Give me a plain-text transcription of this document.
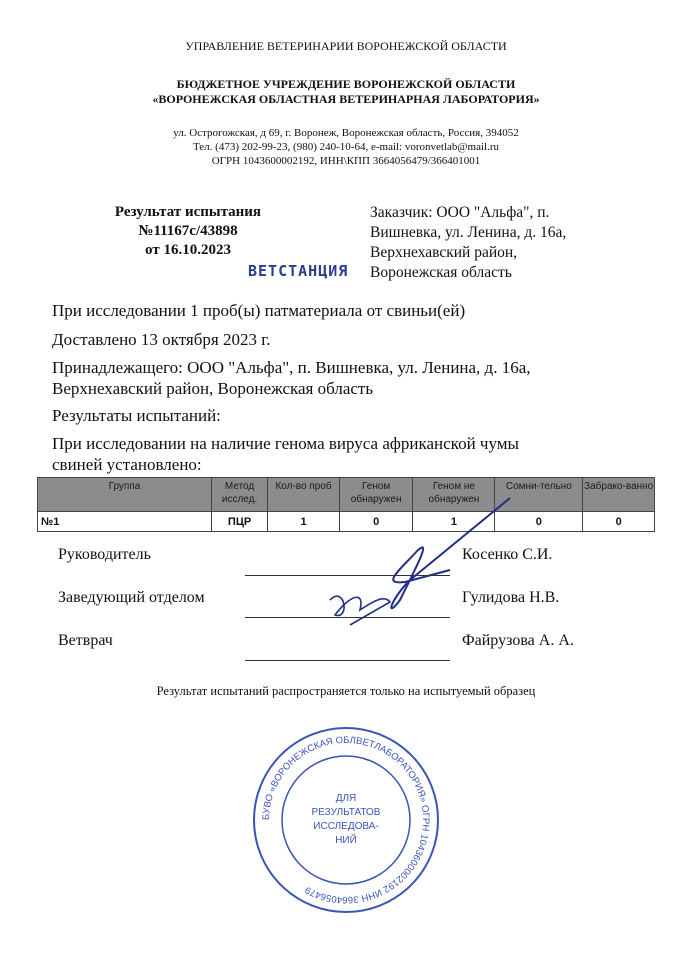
УПРАВЛЕНИЕ ВЕТЕРИНАРИИ ВОРОНЕЖСКОЙ ОБЛАСТИ
БЮДЖЕТНОЕ УЧРЕЖДЕНИЕ ВОРОНЕЖСКОЙ ОБЛАСТИ
«ВОРОНЕЖСКАЯ ОБЛАСТНАЯ ВЕТЕРИНАРНАЯ ЛАБОРАТОРИЯ»
ул. Острогожская, д 69, г. Воронеж, Воронежская область, Россия, 394052
Тел. (473) 202-99-23, (980) 240-10-64, e-mail: voronvetlab@mail.ru
ОГРН 1043600002192, ИНН\КПП 3664056479/366401001
Результат испытания
№11167с/43898
от 16.10.2023
ВЕТСТАНЦИЯ
Заказчик: ООО "Альфа", п.
Вишневка, ул. Ленина, д. 16а,
Верхнехавский район,
Воронежская область
При исследовании 1 проб(ы) патматериала от свиньи(ей)
Доставлено 13 октября 2023 г.
Принадлежащего: ООО "Альфа", п. Вишневка, ул. Ленина, д. 16а,
Верхнехавский район, Воронежская область
Результаты испытаний:
При исследовании на наличие генома вируса африканской чумы
свиней установлено:
Группа	Метод исслед.	Кол-во проб	Геном обнаружен	Геном не обнаружен	Сомни-тельно	Забрако-ванно
№1	ПЦР	1	0	1	0	0
Руководитель	Косенко С.И.
Заведующий отделом	Гулидова Н.В.
Ветврач	Файрузова А. А.
Результат испытаний распространяется только на испытуемый образец
БУВО «ВОРОНЕЖСКАЯ ОБЛВЕТЛАБОРАТОРИЯ» ОГРН 1043600002192 ИНН 3664056479
ДЛЯ
РЕЗУЛЬТАТОВ
ИССЛЕДОВА-
НИЙ
